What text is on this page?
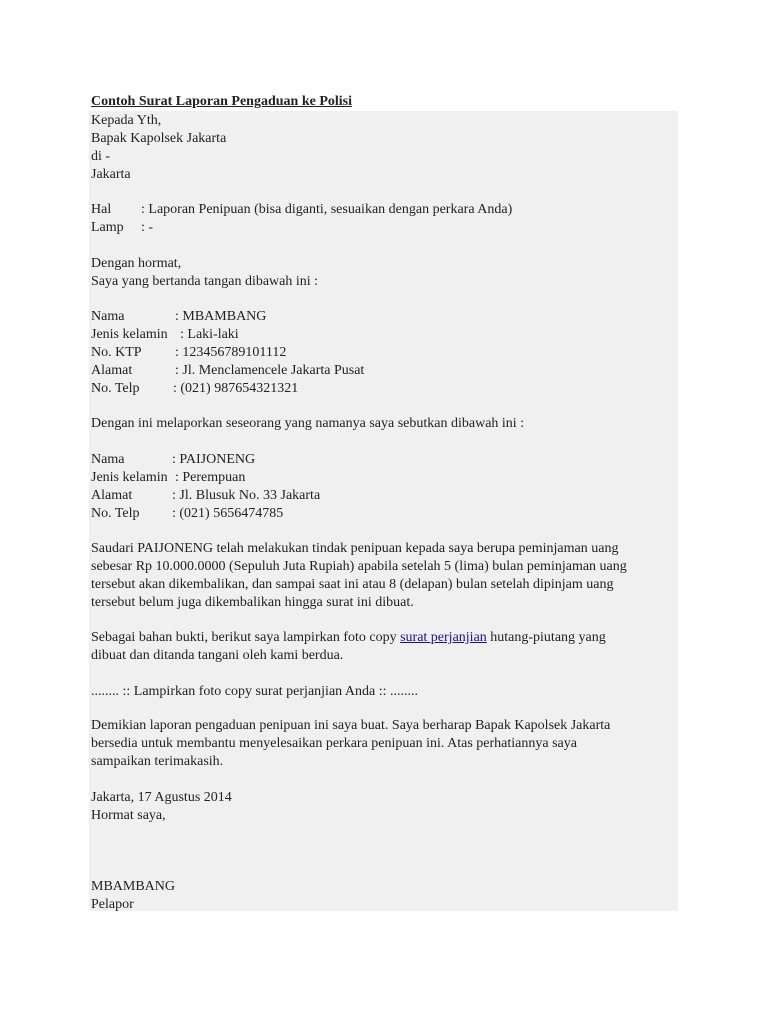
Contoh Surat Laporan Pengaduan ke Polisi
Kepada Yth,
Bapak Kapolsek Jakarta
di -
Jakarta
Hal : Laporan Penipuan (bisa diganti, sesuaikan dengan perkara Anda)
Lamp : -
Dengan hormat,
Saya yang bertanda tangan dibawah ini :
Nama	: MBAMBANG
Jenis kelamin : Laki-laki
No. KTP : 123456789101112
Alamat	: Jl. Menclamencele Jakarta Pusat
No. Telp : (021) 987654321321
Dengan ini melaporkan seseorang yang namanya saya sebutkan dibawah ini :
Nama	: PAIJONENG
Jenis kelamin : Perempuan
Alamat	: Jl. Blusuk No. 33 Jakarta
No. Telp : (021) 5656474785
Saudari PAIJONENG telah melakukan tindak penipuan kepada saya berupa peminjaman uang
sebesar Rp 10.000.0000 (Sepuluh Juta Rupiah) apabila setelah 5 (lima) bulan peminjaman uang
tersebut akan dikembalikan, dan sampai saat ini atau 8 (delapan) bulan setelah dipinjam uang
tersebut belum juga dikembalikan hingga surat ini dibuat.
Sebagai bahan bukti, berikut saya lampirkan foto copy surat perjanjian hutang-piutang yang
dibuat dan ditanda tangani oleh kami berdua.
........ :: Lampirkan foto copy surat perjanjian Anda :: ........
Demikian laporan pengaduan penipuan ini saya buat. Saya berharap Bapak Kapolsek Jakarta
bersedia untuk membantu menyelesaikan perkara penipuan ini. Atas perhatiannya saya
sampaikan terimakasih.
Jakarta, 17 Agustus 2014
Hormat saya,
MBAMBANG
Pelapor
